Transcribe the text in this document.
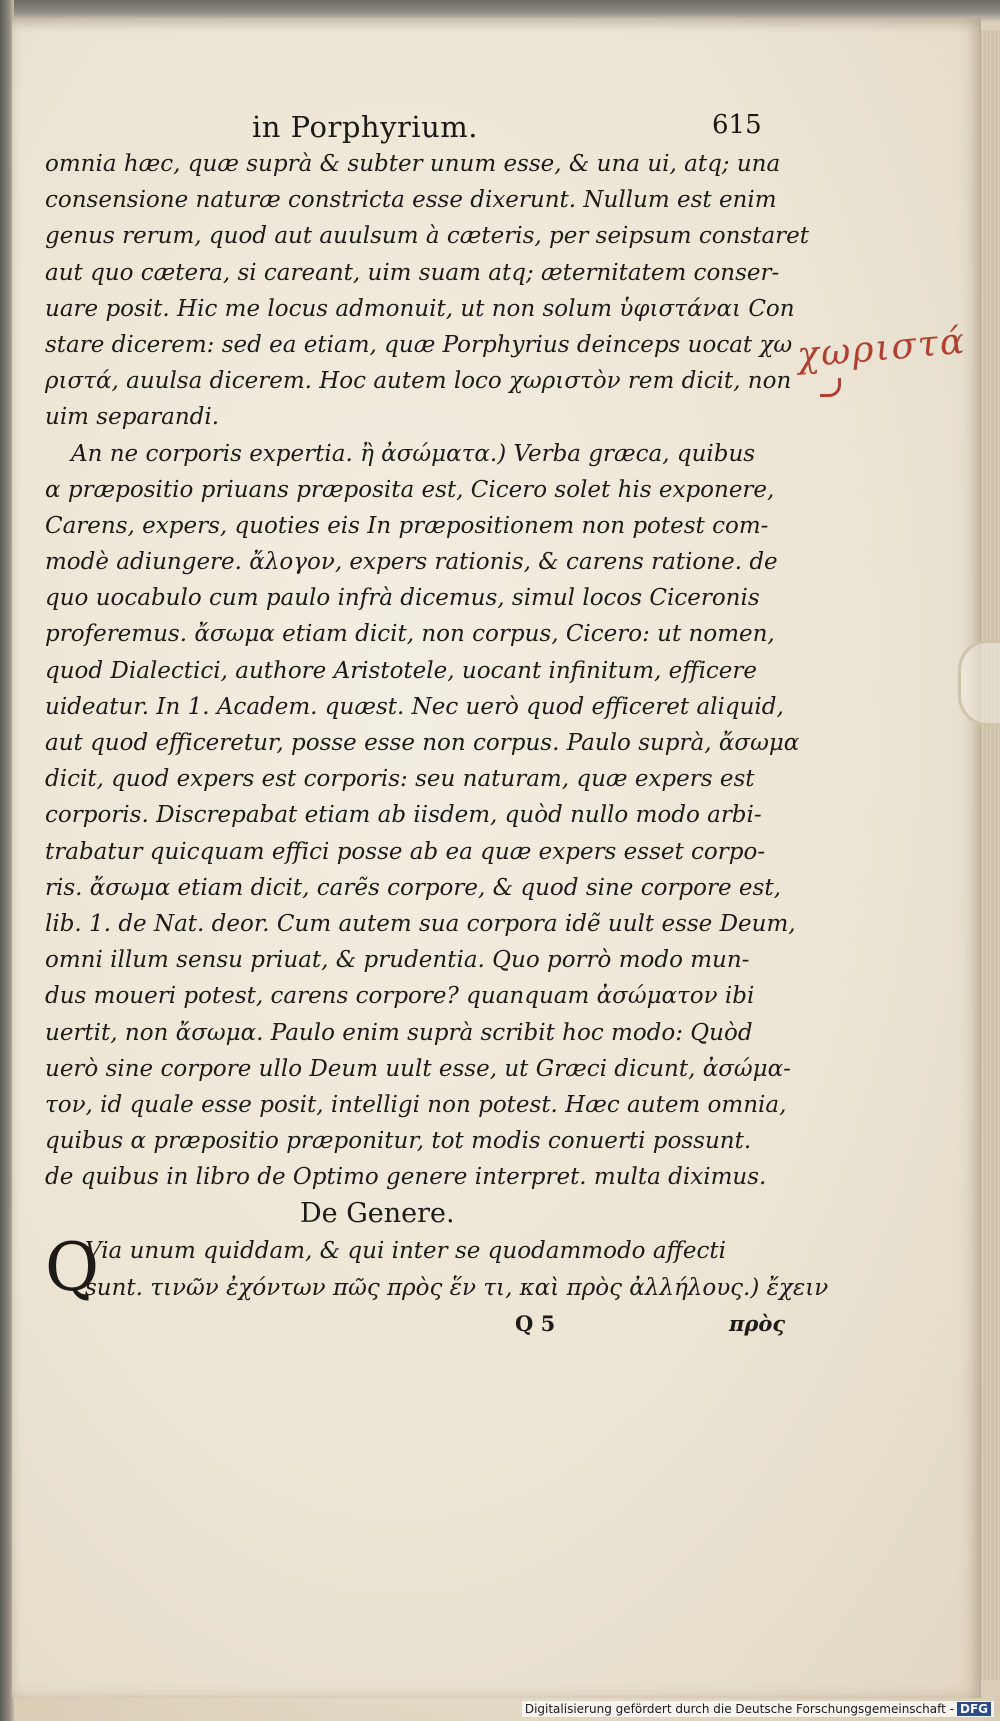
in Porphyrium.	615
omnia hæc, quæ suprà & subter unum esse, & una ui, atq; una
consensione naturæ constricta esse dixerunt. Nullum est enim
genus rerum, quod aut auulsum à cæteris, per seipsum constaret
aut quo cætera, si careant, uim suam atq; æternitatem conser-
uare posit. Hic me locus admonuit, ut non solum ὑφιστάναι Con
stare dicerem: sed ea etiam, quæ Porphyrius deinceps uocat χω
ριστά, auulsa dicerem. Hoc autem loco χωριστὸν rem dicit, non
uim separandi.
An ne corporis expertia. ἢ ἀσώματα.) Verba græca, quibus
α præpositio priuans præposita est, Cicero solet his exponere,
Carens, expers, quoties eis In præpositionem non potest com-
modè adiungere. ἄλογον, expers rationis, & carens ratione. de
quo uocabulo cum paulo infrà dicemus, simul locos Ciceronis
proferemus. ἄσωμα etiam dicit, non corpus, Cicero: ut nomen,
quod Dialectici, authore Aristotele, uocant infinitum, efficere
uideatur. In 1. Academ. quæst. Nec uerò quod efficeret aliquid,
aut quod efficeretur, posse esse non corpus. Paulo suprà, ἄσωμα
dicit, quod expers est corporis: seu naturam, quæ expers est
corporis. Discrepabat etiam ab iisdem, quòd nullo modo arbi-
trabatur quicquam effici posse ab ea quæ expers esset corpo-
ris. ἄσωμα etiam dicit, carẽs corpore, & quod sine corpore est,
lib. 1. de Nat. deor. Cum autem sua corpora idẽ uult esse Deum,
omni illum sensu priuat, & prudentia. Quo porrò modo mun-
dus moueri potest, carens corpore? quanquam ἀσώματον ibi
uertit, non ἄσωμα. Paulo enim suprà scribit hoc modo: Quòd
uerò sine corpore ullo Deum uult esse, ut Græci dicunt, ἀσώμα-
τον, id quale esse posit, intelligi non potest. Hæc autem omnia,
quibus α præpositio præponitur, tot modis conuerti possunt.
de quibus in libro de Optimo genere interpret. multa diximus.
De Genere.
Q
Via unum quiddam, & qui inter se quodammodo affecti
sunt. τινῶν ἐχόντων πῶς πρὸς ἕν τι, καὶ πρὸς ἀλλήλους.) ἔχειν
Q 5	πρὸς
χωριστά
Digitalisierung gefördert durch die Deutsche Forschungsgemeinschaft - DFG
